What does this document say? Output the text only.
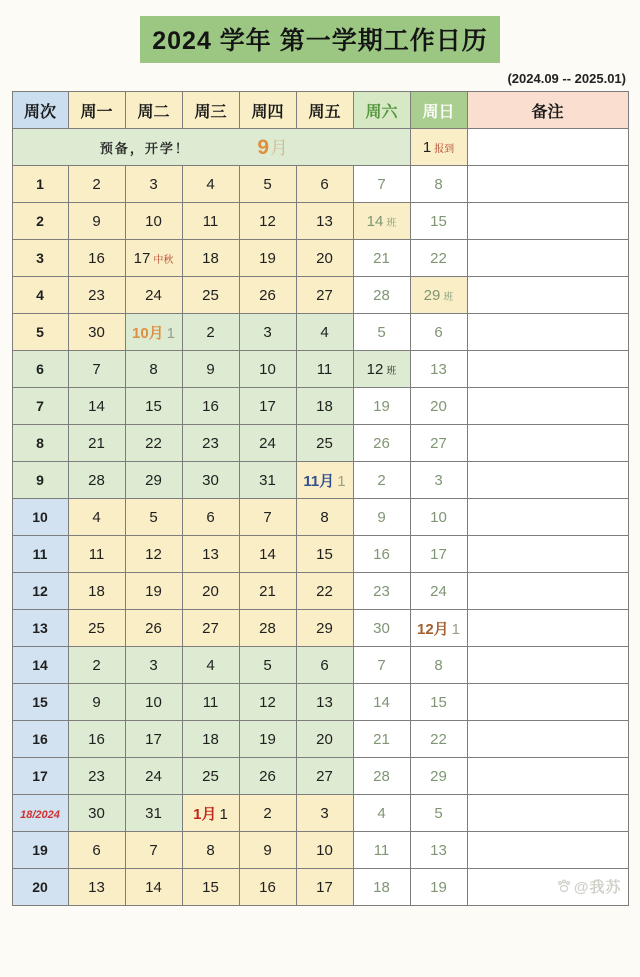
2024 学年 第一学期工作日历
(2024.09 -- 2025.01)
周次	周一	周二	周三	周四	周五	周六	周日	备注

预备，开学！ 9月							1 报到	
1	2	3	4	5	6	7	8	
2	9	10	11	12	13	14 班	15	
3	16	17 中秋	18	19	20	21	22	
4	23	24	25	26	27	28	29 班	
5	30	10月 1	2	3	4	5	6	
6	7	8	9	10	11	12 班	13	
7	14	15	16	17	18	19	20	
8	21	22	23	24	25	26	27	
9	28	29	30	31	11月 1	2	3	
10	4	5	6	7	8	9	10	
11	11	12	13	14	15	16	17	
12	18	19	20	21	22	23	24	
13	25	26	27	28	29	30	12月 1	
14	2	3	4	5	6	7	8	
15	9	10	11	12	13	14	15	
16	16	17	18	19	20	21	22	
17	23	24	25	26	27	28	29	
18/2024	30	31	1月 1	2	3	4	5	
19	6	7	8	9	10	11	13	
20	13	14	15	16	17	18	19	@我苏
